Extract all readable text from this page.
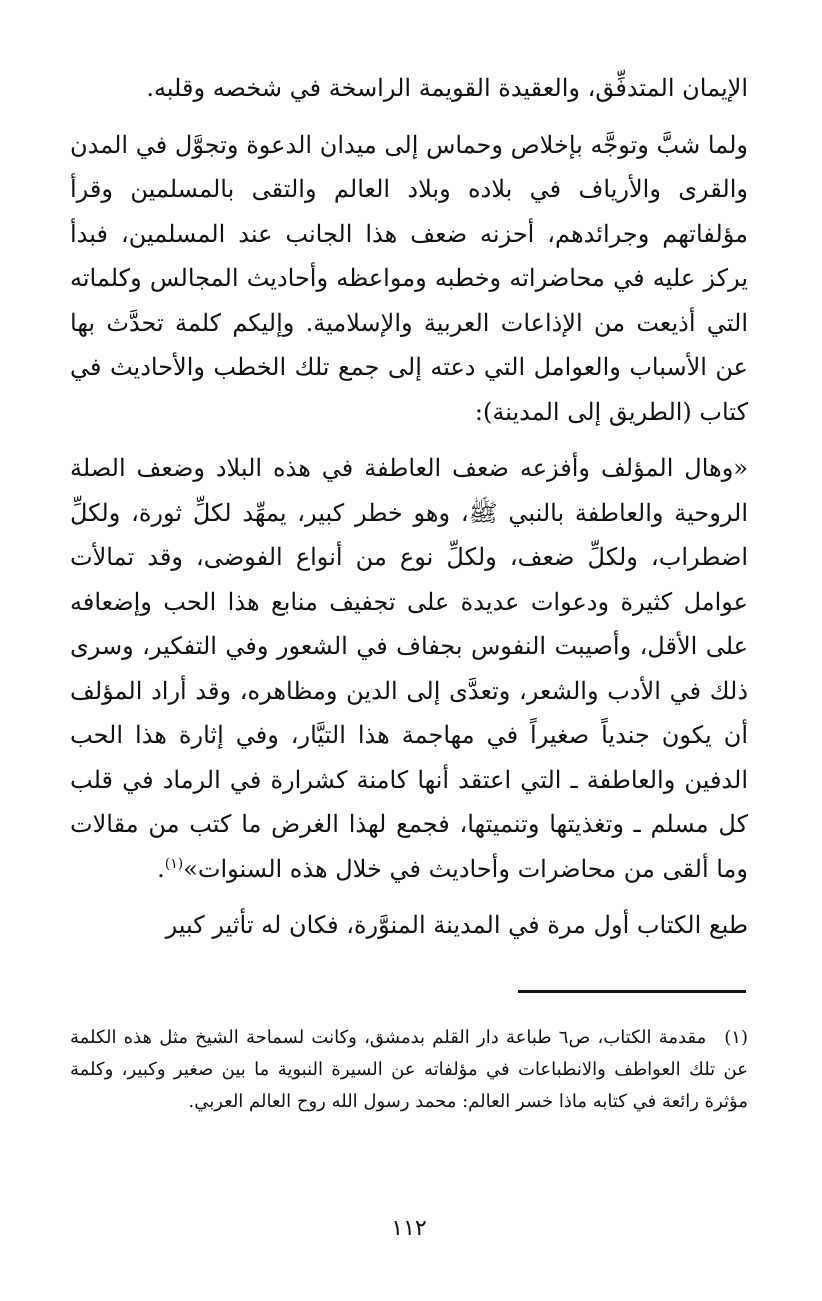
الإيمان المتدفِّق، والعقيدة القويمة الراسخة في شخصه وقلبه.

ولما شبَّ وتوجَّه بإخلاص وحماس إلى ميدان الدعوة وتجوَّل في المدن والقرى والأرياف في بلاده وبلاد العالم والتقى بالمسلمين وقرأ مؤلفاتهم وجرائدهم، أحزنه ضعف هذا الجانب عند المسلمين، فبدأ يركز عليه في محاضراته وخطبه ومواعظه وأحاديث المجالس وكلماته التي أذيعت من الإذاعات العربية والإسلامية. وإليكم كلمة تحدَّث بها عن الأسباب والعوامل التي دعته إلى جمع تلك الخطب والأحاديث في كتاب (الطريق إلى المدينة):

«وهال المؤلف وأفزعه ضعف العاطفة في هذه البلاد وضعف الصلة الروحية والعاطفة بالنبي ﷺ، وهو خطر كبير، يمهِّد لكلِّ ثورة، ولكلِّ اضطراب، ولكلِّ ضعف، ولكلِّ نوع من أنواع الفوضى، وقد تمالأت عوامل كثيرة ودعوات عديدة على تجفيف منابع هذا الحب وإضعافه على الأقل، وأصيبت النفوس بجفاف في الشعور وفي التفكير، وسرى ذلك في الأدب والشعر، وتعدَّى إلى الدين ومظاهره، وقد أراد المؤلف أن يكون جندياً صغيراً في مهاجمة هذا التيَّار، وفي إثارة هذا الحب الدفين والعاطفة ـ التي اعتقد أنها كامنة كشرارة في الرماد في قلب كل مسلم ـ وتغذيتها وتنميتها، فجمع لهذا الغرض ما كتب من مقالات وما ألقى من محاضرات وأحاديث في خلال هذه السنوات»$^{(١)}$.

طبع الكتاب أول مرة في المدينة المنوَّرة، فكان له تأثير كبير

(١)مقدمة الكتاب، ص٦ طباعة دار القلم بدمشق، وكانت لسماحة الشيخ مثل هذه الكلمة عن تلك العواطف والانطباعات في مؤلفاته عن السيرة النبوية ما بين صغير وكبير، وكلمة مؤثرة رائعة في كتابه ماذا خسر العالم: محمد رسول الله روح العالم العربي.

١١٢
